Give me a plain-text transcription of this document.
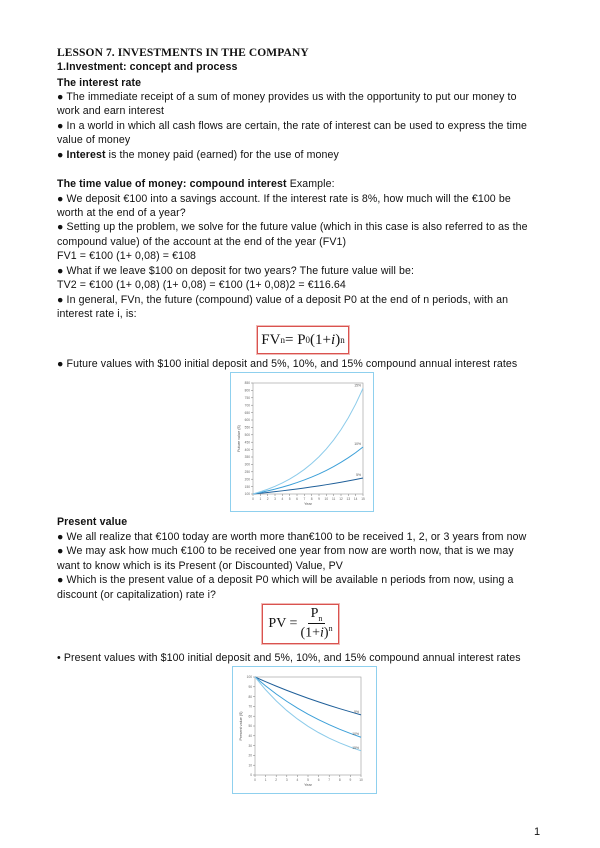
LESSON 7. INVESTMENTS IN THE COMPANY
1.Investment: concept and process
The interest rate
● The immediate receipt of a sum of money provides us with the opportunity to put our money to
work and earn interest
● In a world in which all cash flows are certain, the rate of interest can be used to express the time
value of money
● Interest is the money paid (earned) for the use of money
The time value of money: compound interest Example:
● We deposit €100 into a savings account. If the interest rate is 8%, how much will the €100 be
worth at the end of a year?
● Setting up the problem, we solve for the future value (which in this case is also referred to as the
compound value) of the account at the end of the year (FV1)
FV1 = €100 (1+ 0,08) = €108
● What if we leave $100 on deposit for two years? The future value will be:
TV2 = €100 (1+ 0,08) (1+ 0,08) = €100 (1+ 0,08)2 = €116.64
● In general, FVn, the future (compound) value of a deposit P0 at the end of n periods, with an
interest rate i, is:
FV n = P 0 (1+ i ) n
● Future values with $100 initial deposit and 5%, 10%, and 15% compound annual interest rates
100
150
200
250
300
350
400
450
500
550
600
650
700
750
800
850
0 1 2 3 4 5 6 7 8 9 10 11 12 13 14 15
Year
Future value ($)
5%
10%
15%
Present value
● We all realize that €100 today are worth more than€100 to be received 1, 2, or 3 years from now
● We may ask how much €100 to be received one year from now are worth now, that is we may
want to know which is its Present (or Discounted) Value, PV
● Which is the present value of a deposit P0 which will be available n periods from now, using a
discount (or capitalization) rate i?
PV = $\frac{P_n}{(1+i)^n}$
• Present values with $100 initial deposit and 5%, 10%, and 15% compound annual interest rates
0
10
20
30
40
50
60
70
80
90
100
0	1	2	3	4	5	6	7	8	9 10
Year
Present value ($)	5%
10%
15%
1
